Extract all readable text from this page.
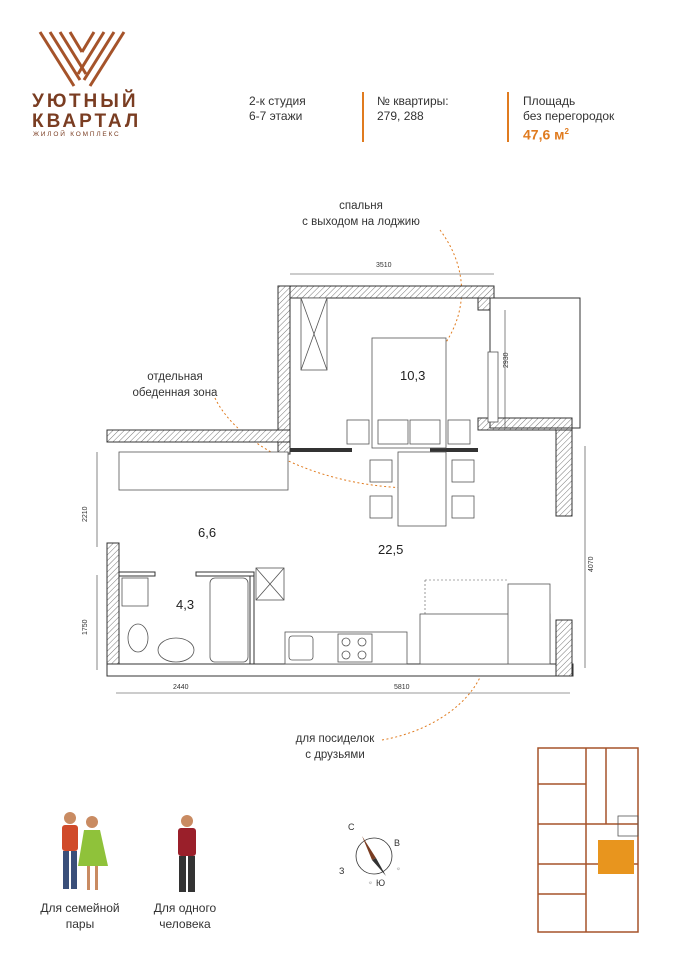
УЮТНЫЙ
КВАРТАЛ
ЖИЛОЙ КОМПЛЕКС
2-к студия
6-7 этажи
№ квартиры:
279, 288
Площадь
без перегородок
47,6 $м^2$
спальня
с выходом на лоджию
отдельная
обеденная зона
для посиделок
с друзьями
3510
2930
2210
1750
4070
2440	5810
10,3
6,6
22,5
4,3
Для семейной
пары
Для одного
человека
☼
☼
С
В
Ю
З
